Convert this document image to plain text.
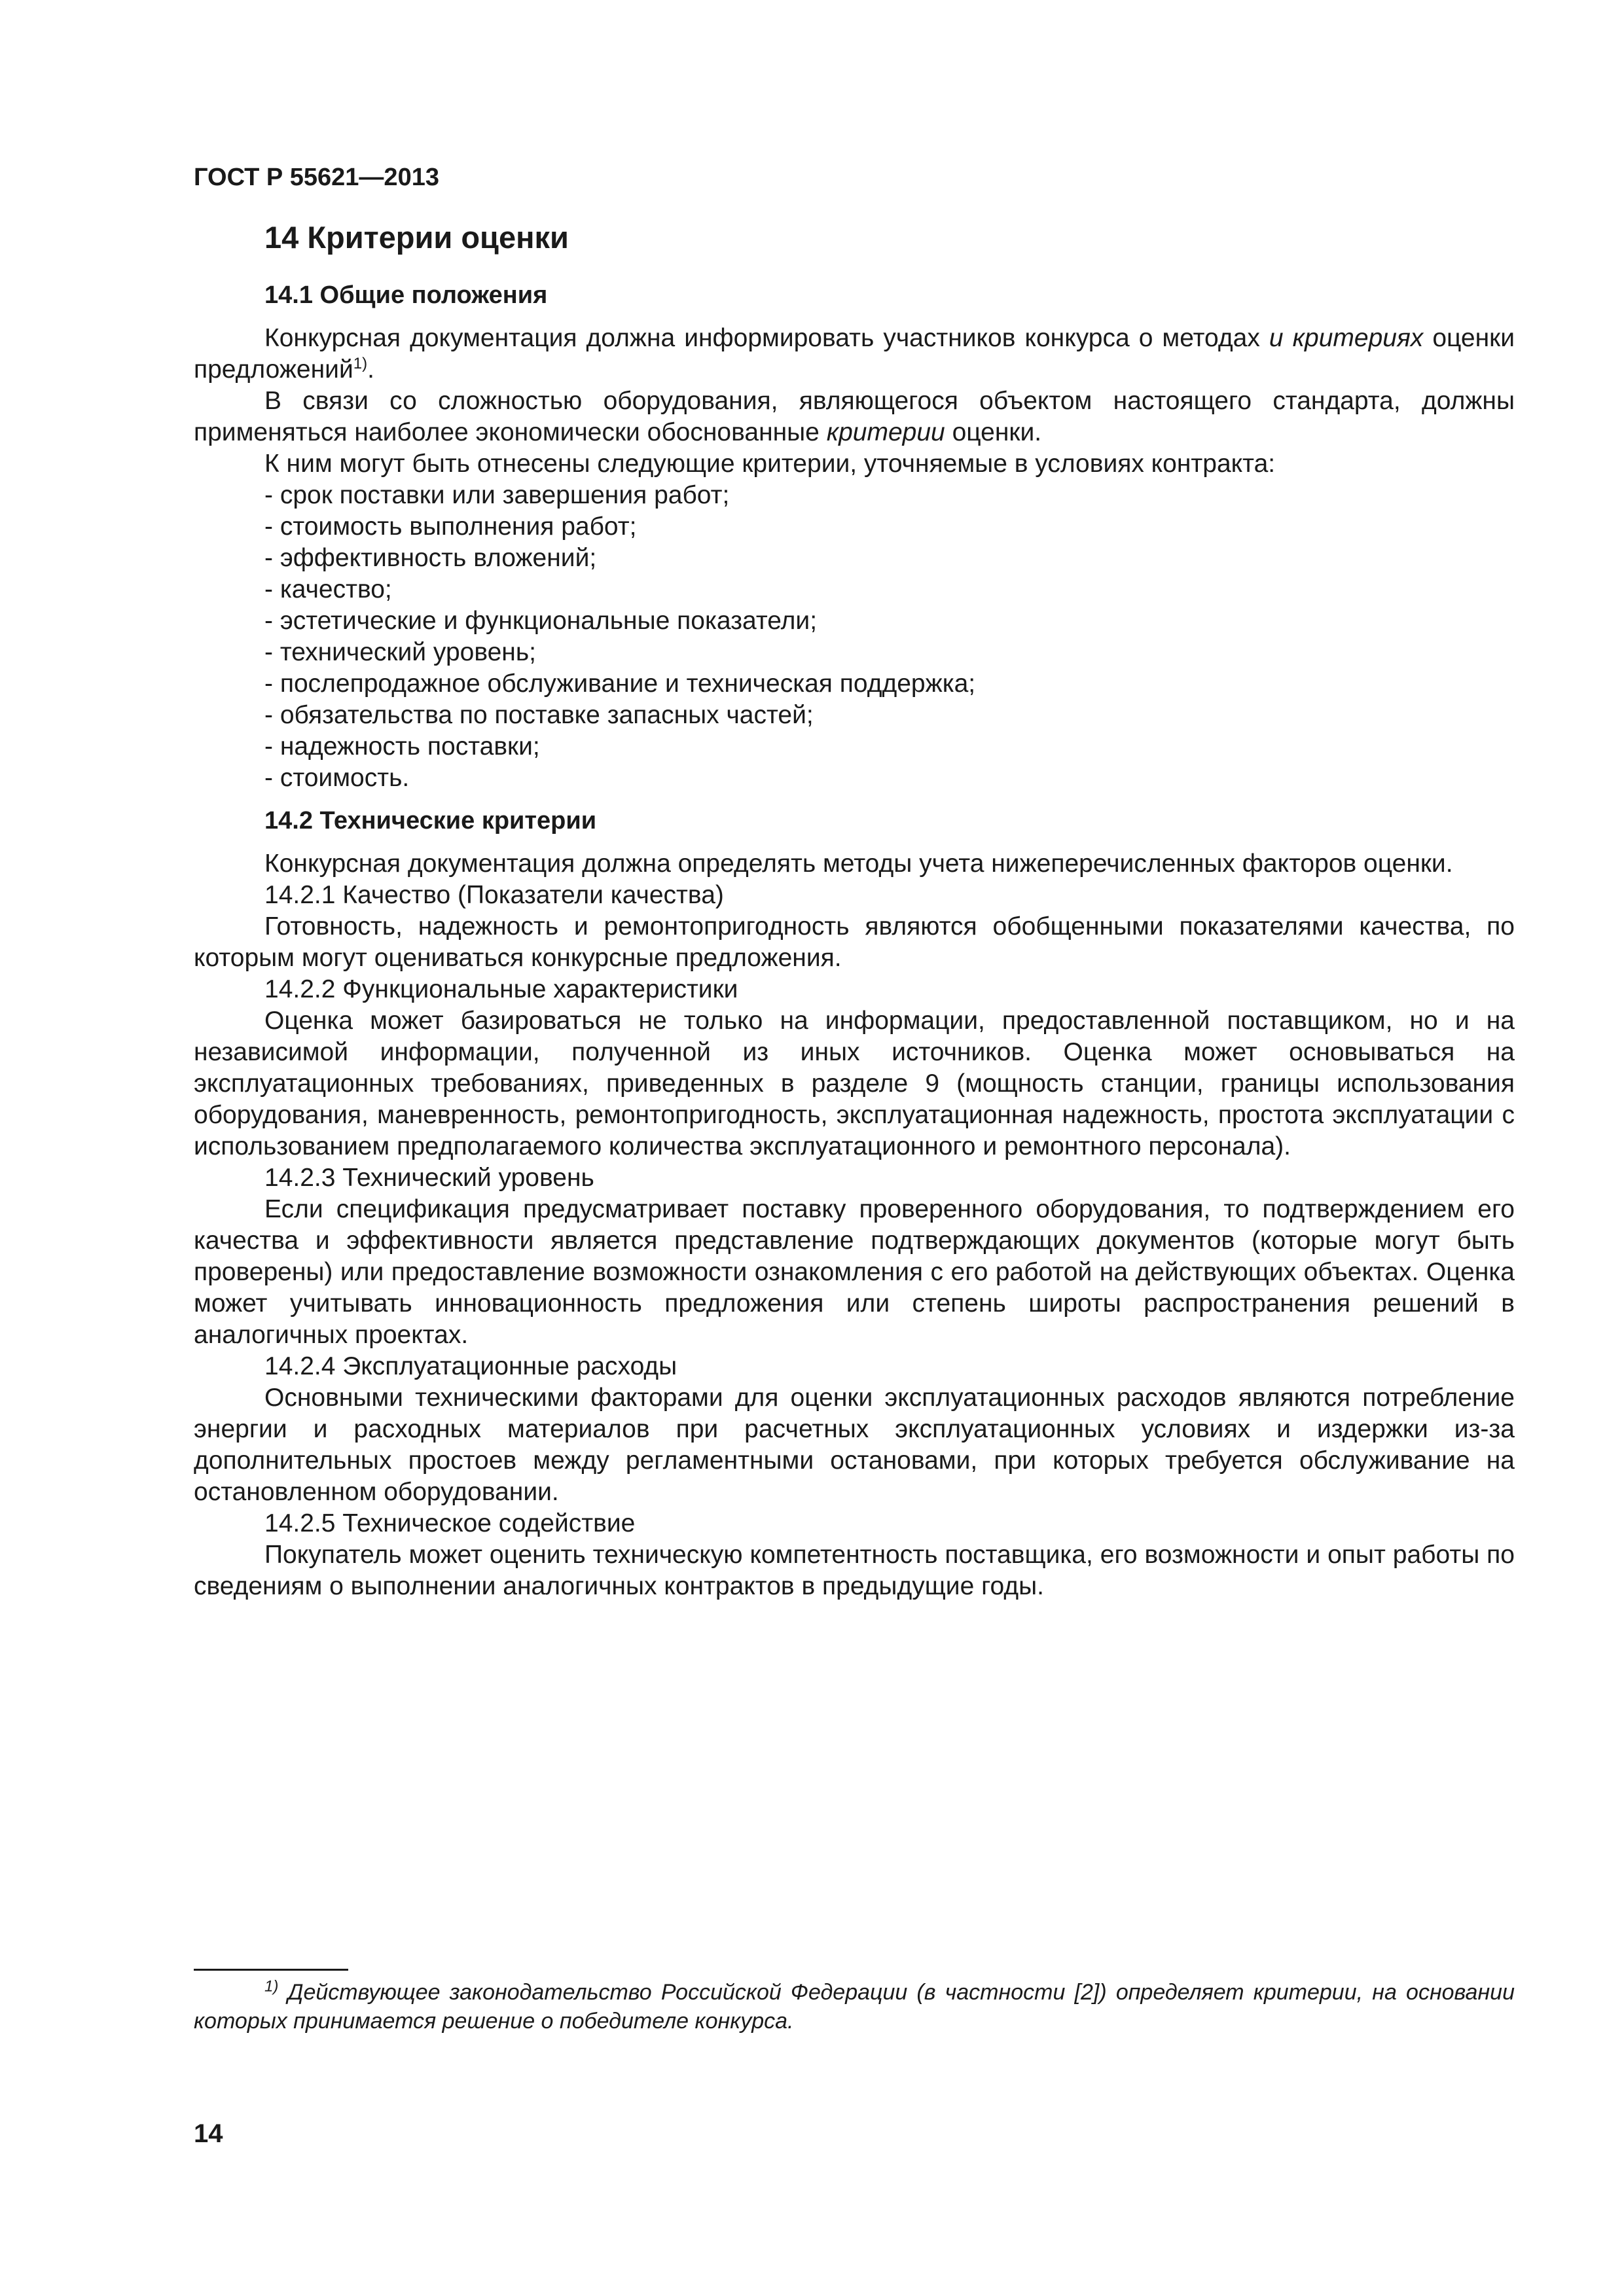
ГОСТ Р 55621—2013
14 Критерии оценки
14.1 Общие положения

Конкурсная документация должна информировать участников конкурса о методах и критериях оценки предложений$^{1)}$.

В связи со сложностью оборудования, являющегося объектом настоящего стандарта, должны применяться наиболее экономически обоснованные критерии оценки.

К ним могут быть отнесены следующие критерии, уточняемые в условиях контракта:

- срок поставки или завершения работ;
- стоимость выполнения работ;
- эффективность вложений;
- качество;
- эстетические и функциональные показатели;
- технический уровень;
- послепродажное обслуживание и техническая поддержка;
- обязательства по поставке запасных частей;
- надежность поставки;
- стоимость.
14.2 Технические критерии

Конкурсная документация должна определять методы учета нижеперечисленных факторов оценки.

14.2.1 Качество (Показатели качества)

Готовность, надежность и ремонтопригодность являются обобщенными показателями качества, по которым могут оцениваться конкурсные предложения.

14.2.2 Функциональные характеристики

Оценка может базироваться не только на информации, предоставленной поставщиком, но и на независимой информации, полученной из иных источников. Оценка может основываться на эксплуатационных требованиях, приведенных в разделе 9 (мощность станции, границы использования оборудования, маневренность, ремонтопригодность, эксплуатационная надежность, простота эксплуатации с использованием предполагаемого количества эксплуатационного и ремонтного персонала).

14.2.3 Технический уровень

Если спецификация предусматривает поставку проверенного оборудования, то подтверждением его качества и эффективности является представление подтверждающих документов (которые могут быть проверены) или предоставление возможности ознакомления с его работой на действующих объектах. Оценка может учитывать инновационность предложения или степень широты распространения решений в аналогичных проектах.

14.2.4 Эксплуатационные расходы

Основными техническими факторами для оценки эксплуатационных расходов являются потребление энергии и расходных материалов при расчетных эксплуатационных условиях и издержки из-за дополнительных простоев между регламентными остановами, при которых требуется обслуживание на остановленном оборудовании.

14.2.5 Техническое содействие

Покупатель может оценить техническую компетентность поставщика, его возможности и опыт работы по сведениям о выполнении аналогичных контрактов в предыдущие годы.

$^{1)}$ Действующее законодательство Российской Федерации (в частности [2]) определяет критерии, на основании которых принимается решение о победителе конкурса.
14
